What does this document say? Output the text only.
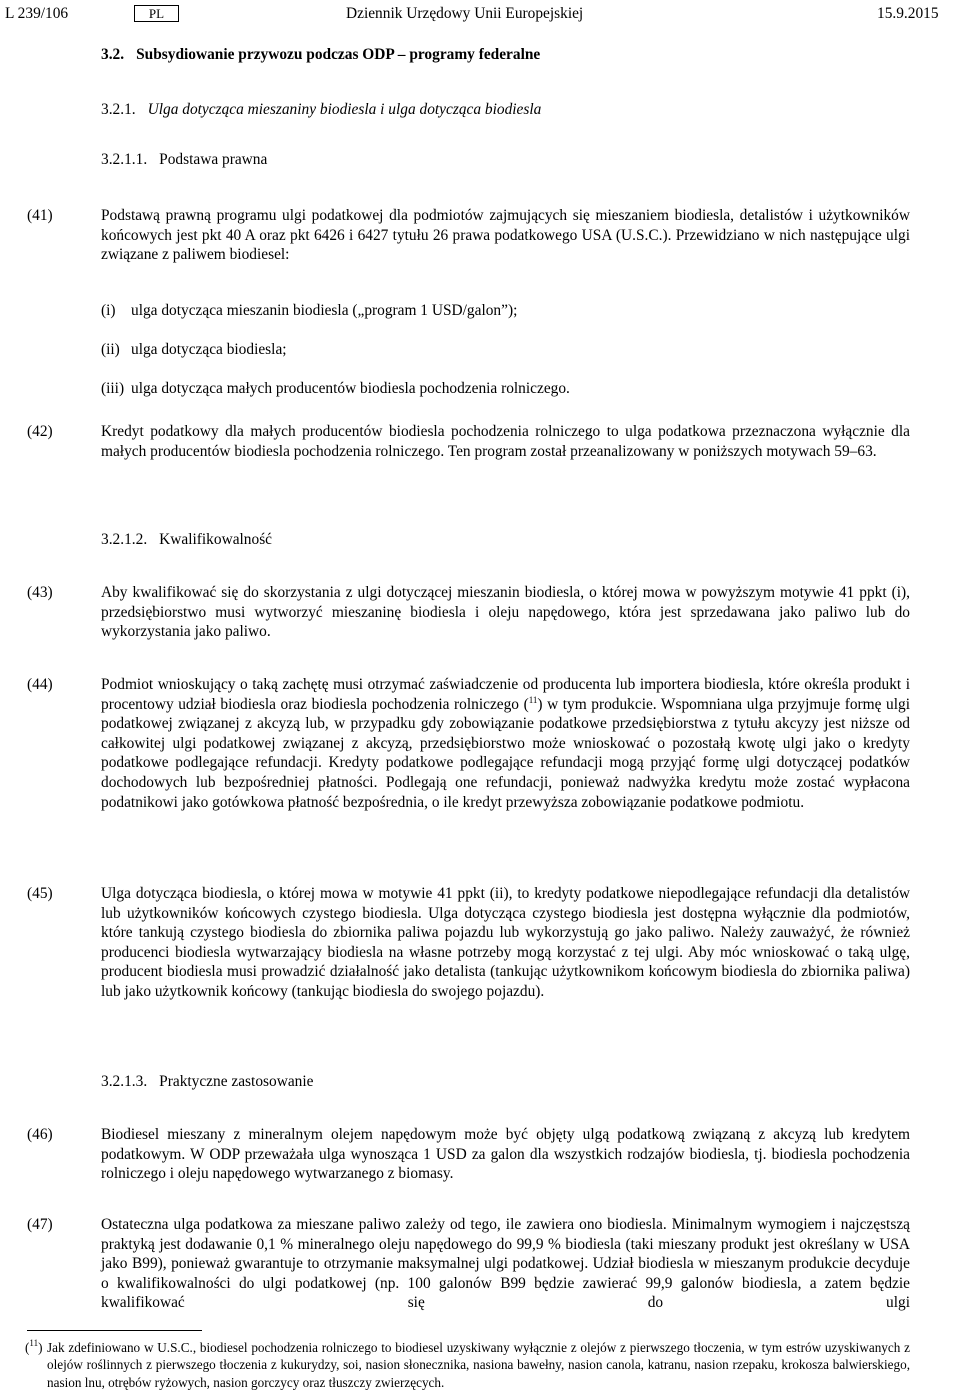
L 239/106	PL	Dziennik Urzędowy Unii Europejskiej	15.9.2015
3.2. Subsydiowanie przywozu podczas ODP – programy federalne
3.2.1. Ulga dotycząca mieszaniny biodiesla i ulga dotycząca biodiesla
3.2.1.1. Podstawa prawna
(41)	Podstawą prawną programu ulgi podatkowej dla podmiotów zajmujących się mieszaniem biodiesla, detalistów i użytkowników końcowych jest pkt 40 A oraz pkt 6426 i 6427 tytułu 26 prawa podatkowego USA (U.S.C.). Przewidziano w nich następujące ulgi związane z paliwem biodiesel:
(i) ulga dotycząca mieszanin biodiesla („program 1 USD/galon”);
(ii) ulga dotycząca biodiesla;
(iii) ulga dotycząca małych producentów biodiesla pochodzenia rolniczego.
(42)	Kredyt podatkowy dla małych producentów biodiesla pochodzenia rolniczego to ulga podatkowa przeznaczona wyłącznie dla małych producentów biodiesla pochodzenia rolniczego. Ten program został przeanalizowany w poniższych motywach 59–63.
3.2.1.2. Kwalifikowalność
(43)	Aby kwalifikować się do skorzystania z ulgi dotyczącej mieszanin biodiesla, o której mowa w powyższym motywie 41 ppkt (i), przedsiębiorstwo musi wytworzyć mieszaninę biodiesla i oleju napędowego, która jest sprzedawana jako paliwo lub do wykorzystania jako paliwo.
(44)	Podmiot wnioskujący o taką zachętę musi otrzymać zaświadczenie od producenta lub importera biodiesla, które określa produkt i procentowy udział biodiesla oraz biodiesla pochodzenia rolniczego ($^{11}$) w tym produkcie. Wspomniana ulga przyjmuje formę ulgi podatkowej związanej z akcyzą lub, w przypadku gdy zobowiązanie podatkowe przedsiębiorstwa z tytułu akcyzy jest niższe od całkowitej ulgi podatkowej związanej z akcyzą, przedsiębiorstwo może wnioskować o pozostałą kwotę ulgi jako o kredyty podatkowe podlegające refundacji. Kredyty podatkowe podlegające refundacji mogą przyjąć formę ulgi dotyczącej podatków dochodowych lub bezpośredniej płatności. Podlegają one refundacji, ponieważ nadwyżka kredytu może zostać wypłacona podatnikowi jako gotówkowa płatność bezpośrednia, o ile kredyt przewyższa zobowiązanie podatkowe podmiotu.
(45)	Ulga dotycząca biodiesla, o której mowa w motywie 41 ppkt (ii), to kredyty podatkowe niepodlegające refundacji dla detalistów lub użytkowników końcowych czystego biodiesla. Ulga dotycząca czystego biodiesla jest dostępna wyłącznie dla podmiotów, które tankują czystego biodiesla do zbiornika paliwa pojazdu lub wykorzystują go jako paliwo. Należy zauważyć, że również producenci biodiesla wytwarzający biodiesla na własne potrzeby mogą korzystać z tej ulgi. Aby móc wnioskować o taką ulgę, producent biodiesla musi prowadzić działalność jako detalista (tankując użytkownikom końcowym biodiesla do zbiornika paliwa) lub jako użytkownik końcowy (tankując biodiesla do swojego pojazdu).
3.2.1.3. Praktyczne zastosowanie
(46)	Biodiesel mieszany z mineralnym olejem napędowym może być objęty ulgą podatkową związaną z akcyzą lub kredytem podatkowym. W ODP przeważała ulga wynosząca 1 USD za galon dla wszystkich rodzajów biodiesla, tj. biodiesla pochodzenia rolniczego i oleju napędowego wytwarzanego z biomasy.
(47)	Ostateczna ulga podatkowa za mieszane paliwo zależy od tego, ile zawiera ono biodiesla. Minimalnym wymogiem i najczęstszą praktyką jest dodawanie 0,1 % mineralnego oleju napędowego do 99,9 % biodiesla (taki mieszany produkt jest określany w USA jako B99), ponieważ gwarantuje to otrzymanie maksymalnej ulgi podatkowej. Udział biodiesla w mieszanym produkcie decyduje o kwalifikowalności do ulgi podatkowej (np. 100 galonów B99 będzie zawierać 99,9 galonów biodiesla, a zatem będzie kwalifikować się do ulgi
($^{11}$) Jak zdefiniowano w U.S.C., biodiesel pochodzenia rolniczego to biodiesel uzyskiwany wyłącznie z olejów z pierwszego tłoczenia, w tym estrów uzyskiwanych z olejów roślinnych z pierwszego tłoczenia z kukurydzy, soi, nasion słonecznika, nasiona bawełny, nasion canola, katranu, nasion rzepaku, krokosza balwierskiego, nasion lnu, otrębów ryżowych, nasion gorczycy oraz tłuszczy zwierzęcych.
